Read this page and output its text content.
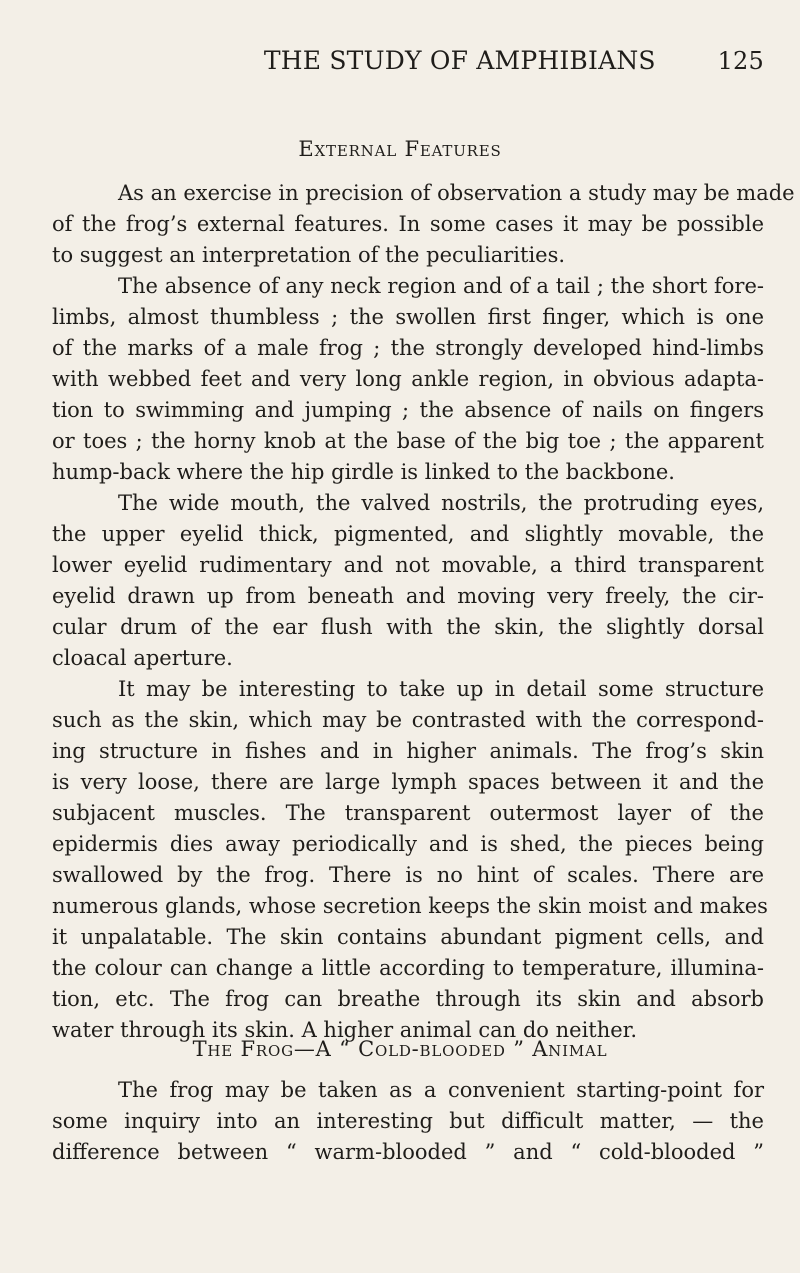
THE STUDY OF AMPHIBIANS	125
External Features
As an exercise in precision of observation a study may be made
of the frog’s external features. In some cases it may be possible
to suggest an interpretation of the peculiarities.
The absence of any neck region and of a tail ; the short fore-
limbs, almost thumbless ; the swollen first finger, which is one
of the marks of a male frog ; the strongly developed hind-limbs
with webbed feet and very long ankle region, in obvious adapta-
tion to swimming and jumping ; the absence of nails on fingers
or toes ; the horny knob at the base of the big toe ; the apparent
hump-back where the hip girdle is linked to the backbone.
The wide mouth, the valved nostrils, the protruding eyes,
the upper eyelid thick, pigmented, and slightly movable, the
lower eyelid rudimentary and not movable, a third transparent
eyelid drawn up from beneath and moving very freely, the cir-
cular drum of the ear flush with the skin, the slightly dorsal
cloacal aperture.
It may be interesting to take up in detail some structure
such as the skin, which may be contrasted with the correspond-
ing structure in fishes and in higher animals. The frog’s skin
is very loose, there are large lymph spaces between it and the
subjacent muscles. The transparent outermost layer of the
epidermis dies away periodically and is shed, the pieces being
swallowed by the frog. There is no hint of scales. There are
numerous glands, whose secretion keeps the skin moist and makes
it unpalatable. The skin contains abundant pigment cells, and
the colour can change a little according to temperature, illumina-
tion, etc. The frog can breathe through its skin and absorb
water through its skin. A higher animal can do neither.
The Frog—A “ Cold-blooded ” Animal
The frog may be taken as a convenient starting-point for
some inquiry into an interesting but difficult matter, — the
difference between “ warm-blooded ” and “ cold-blooded ”
